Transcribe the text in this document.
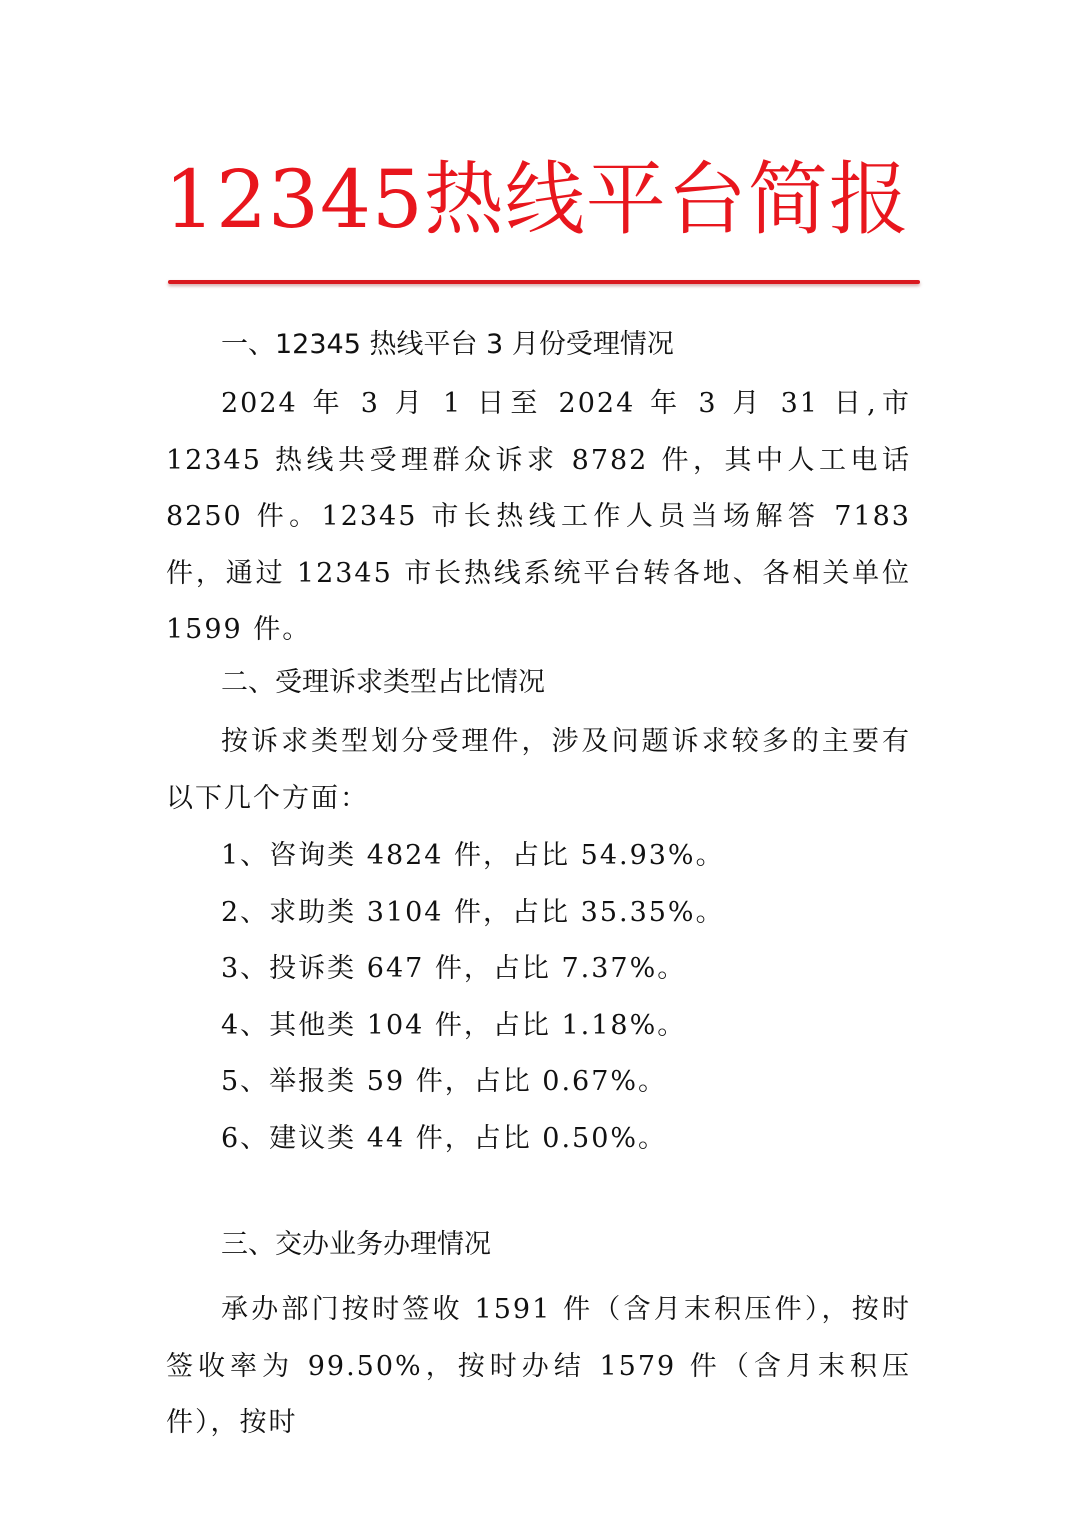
12345热线平台简报
一、12345 热线平台 3 月份受理情况

2024 年 3 月 1 日至 2024 年 3 月 31 日,市 12345 热线共受理群众诉求 8782 件，其中人工电话 8250 件。12345 市长热线工作人员当场解答 7183 件，通过 12345 市长热线系统平台转各地、各相关单位 1599 件。

二、受理诉求类型占比情况

按诉求类型划分受理件，涉及问题诉求较多的主要有以下几个方面：

1、咨询类 4824 件，占比 54.93%。
2、求助类 3104 件，占比 35.35%。
3、投诉类 647 件，占比 7.37%。
4、其他类 104 件，占比 1.18%。
5、举报类 59 件，占比 0.67%。
6、建议类 44 件，占比 0.50%。
三、交办业务办理情况

承办部门按时签收 1591 件（含月末积压件），按时签收率为 99.50%，按时办结 1579 件（含月末积压件），按时
